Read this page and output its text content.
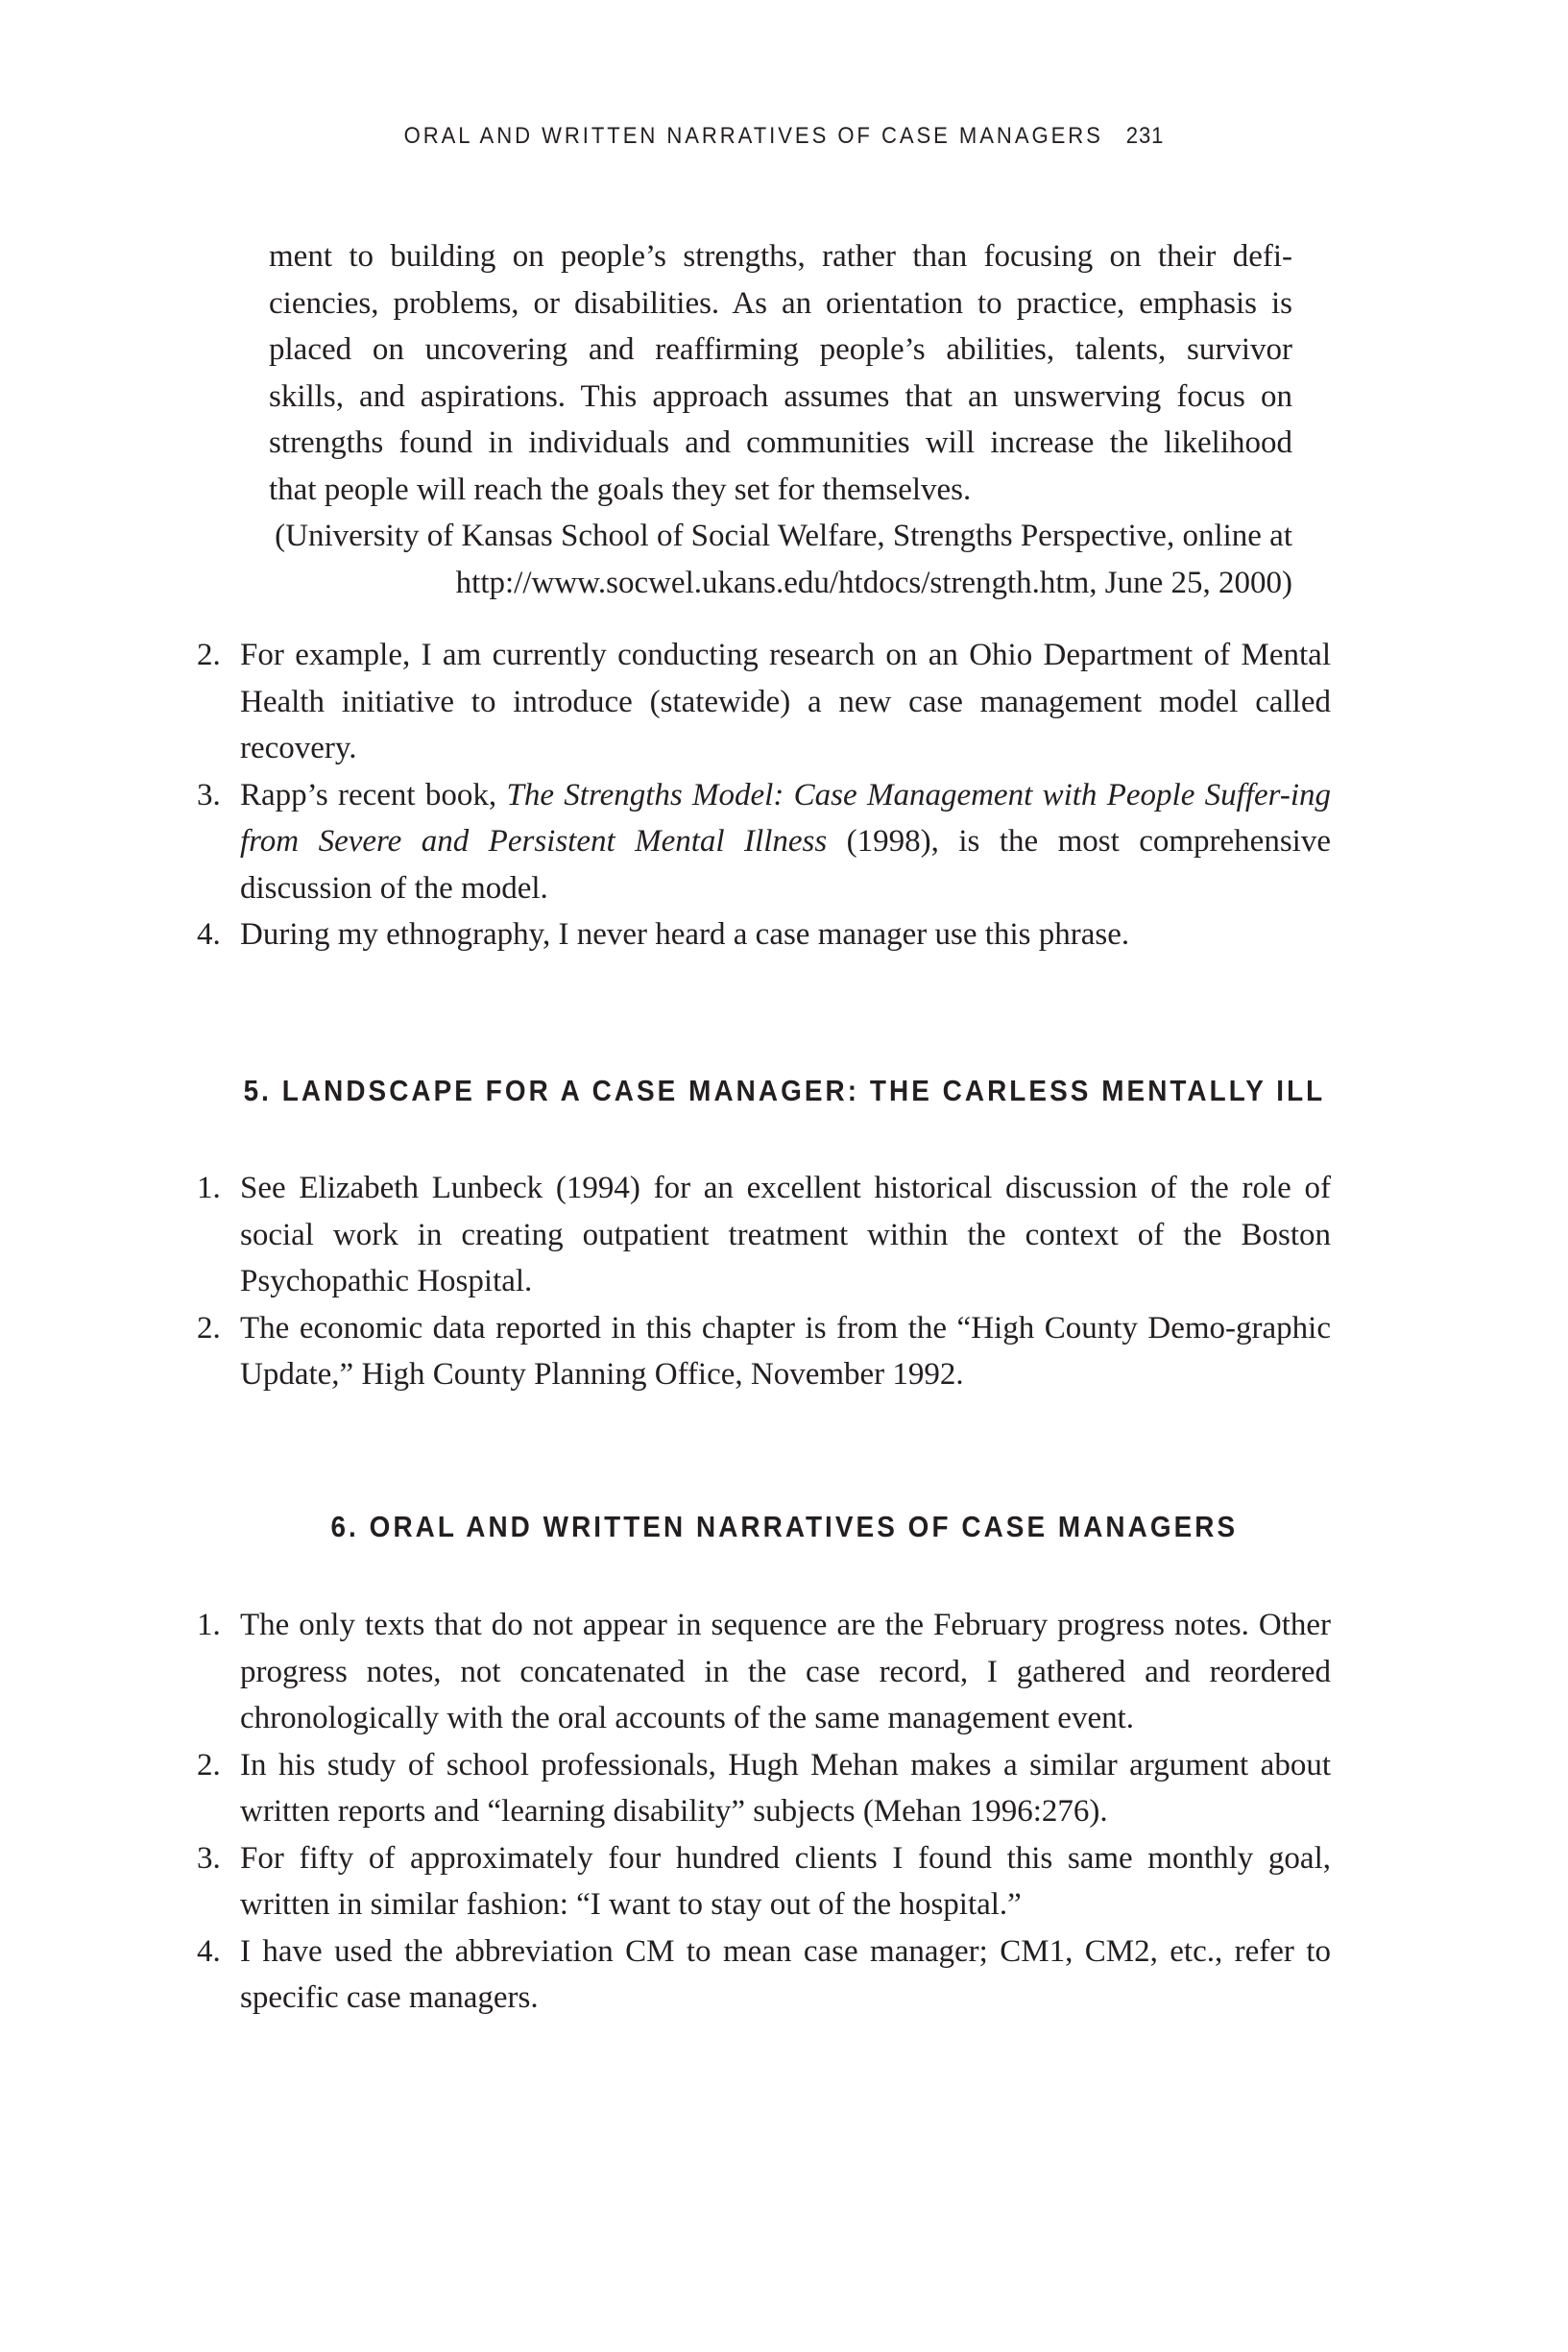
ORAL AND WRITTEN NARRATIVES OF CASE MANAGERS 231

ment to building on people’s strengths, rather than focusing on their defi-
ciencies, problems, or disabilities. As an orientation to practice, emphasis is
placed on uncovering and reaffirming people’s abilities, talents, survivor
skills, and aspirations. This approach assumes that an unswerving focus on
strengths found in individuals and communities will increase the likelihood
that people will reach the goals they set for themselves.

(University of Kansas School of Social Welfare, Strengths Perspective, online at
http://www.socwel.ukans.edu/htdocs/strength.htm, June 25, 2000)
2. For example, I am currently conducting research on an Ohio Department of Mental Health initiative to introduce (statewide) a new case management model called recovery.
3. Rapp’s recent book, The Strengths Model: Case Management with People Suffer-ing from Severe and Persistent Mental Illness (1998), is the most comprehensive discussion of the model.
4. During my ethnography, I never heard a case manager use this phrase.
5. LANDSCAPE FOR A CASE MANAGER: THE CARLESS MENTALLY ILL
1. See Elizabeth Lunbeck (1994) for an excellent historical discussion of the role of social work in creating outpatient treatment within the context of the Boston Psychopathic Hospital.
2. The economic data reported in this chapter is from the “High County Demo-graphic Update,” High County Planning Office, November 1992.
6. ORAL AND WRITTEN NARRATIVES OF CASE MANAGERS
1. The only texts that do not appear in sequence are the February progress notes. Other progress notes, not concatenated in the case record, I gathered and reordered chronologically with the oral accounts of the same management event.
2. In his study of school professionals, Hugh Mehan makes a similar argument about written reports and “learning disability” subjects (Mehan 1996:276).
3. For fifty of approximately four hundred clients I found this same monthly goal, written in similar fashion: “I want to stay out of the hospital.”
4. I have used the abbreviation CM to mean case manager; CM1, CM2, etc., refer to specific case managers.
